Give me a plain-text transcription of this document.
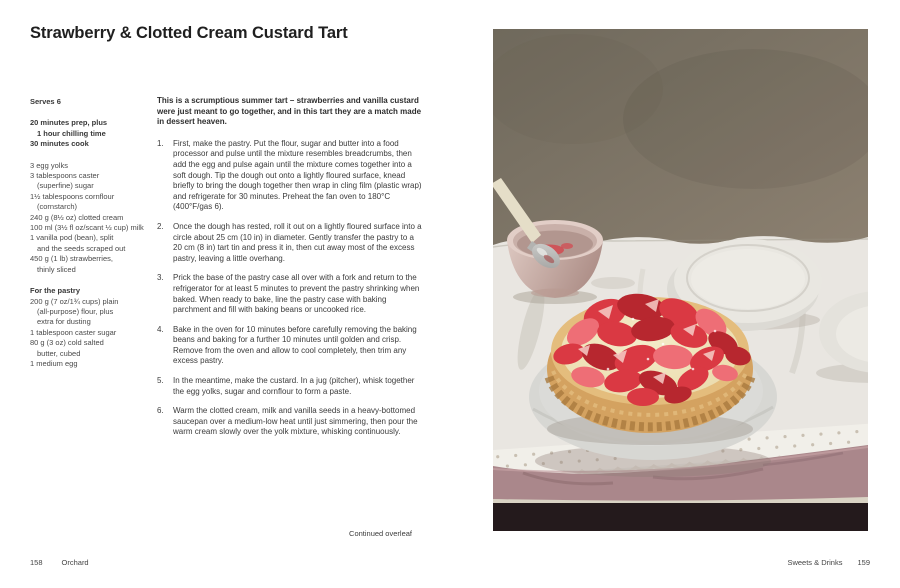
Strawberry & Clotted Cream Custard Tart
Serves 6
20 minutes prep, plus
1 hour chilling time
30 minutes cook
3 egg yolks
3 tablespoons caster
(superfine) sugar
1½ tablespoons cornflour
(cornstarch)
240 g (8½ oz) clotted cream
100 ml (3½ fl oz/scant ½ cup) milk
1 vanilla pod (bean), split
and the seeds scraped out
450 g (1 lb) strawberries,
thinly sliced
For the pastry
200 g (7 oz/1¾ cups) plain
(all-purpose) flour, plus
extra for dusting
1 tablespoon caster sugar
80 g (3 oz) cold salted
butter, cubed
1 medium egg

This is a scrumptious summer tart – strawberries and vanilla custard were just meant to go together, and in this tart they are a match made in dessert heaven.

1.	First, make the pastry. Put the flour, sugar and butter into a food processor and pulse until the mixture resembles breadcrumbs, then add the egg and pulse again until the mixture comes together into a soft dough. Tip the dough out onto a lightly floured surface, knead briefly to bring the dough together then wrap in cling film (plastic wrap) and refrigerate for 30 minutes. Preheat the fan oven to 180°C (400°F/gas 6).
2.	Once the dough has rested, roll it out on a lightly floured surface into a circle about 25 cm (10 in) in diameter. Gently transfer the pastry to a 20 cm (8 in) tart tin and press it in, then cut away most of the excess pastry, leaving a little overhang.
3.	Prick the base of the pastry case all over with a fork and return to the refrigerator for at least 5 minutes to prevent the pastry shrinking when baked. When ready to bake, line the pastry case with baking parchment and fill with baking beans or uncooked rice.
4.	Bake in the oven for 10 minutes before carefully removing the baking beans and baking for a further 10 minutes until golden and crisp. Remove from the oven and allow to cool completely, then trim any excess pastry.
5.	In the meantime, make the custard. In a jug (pitcher), whisk together the egg yolks, sugar and cornflour to form a paste.
6.	Warm the clotted cream, milk and vanilla seeds in a heavy-bottomed saucepan over a medium-low heat until just simmering, then pour the warm cream slowly over the yolk mixture, whisking continuously.
Continued overleaf
158	Orchard	Sweets & Drinks 159
